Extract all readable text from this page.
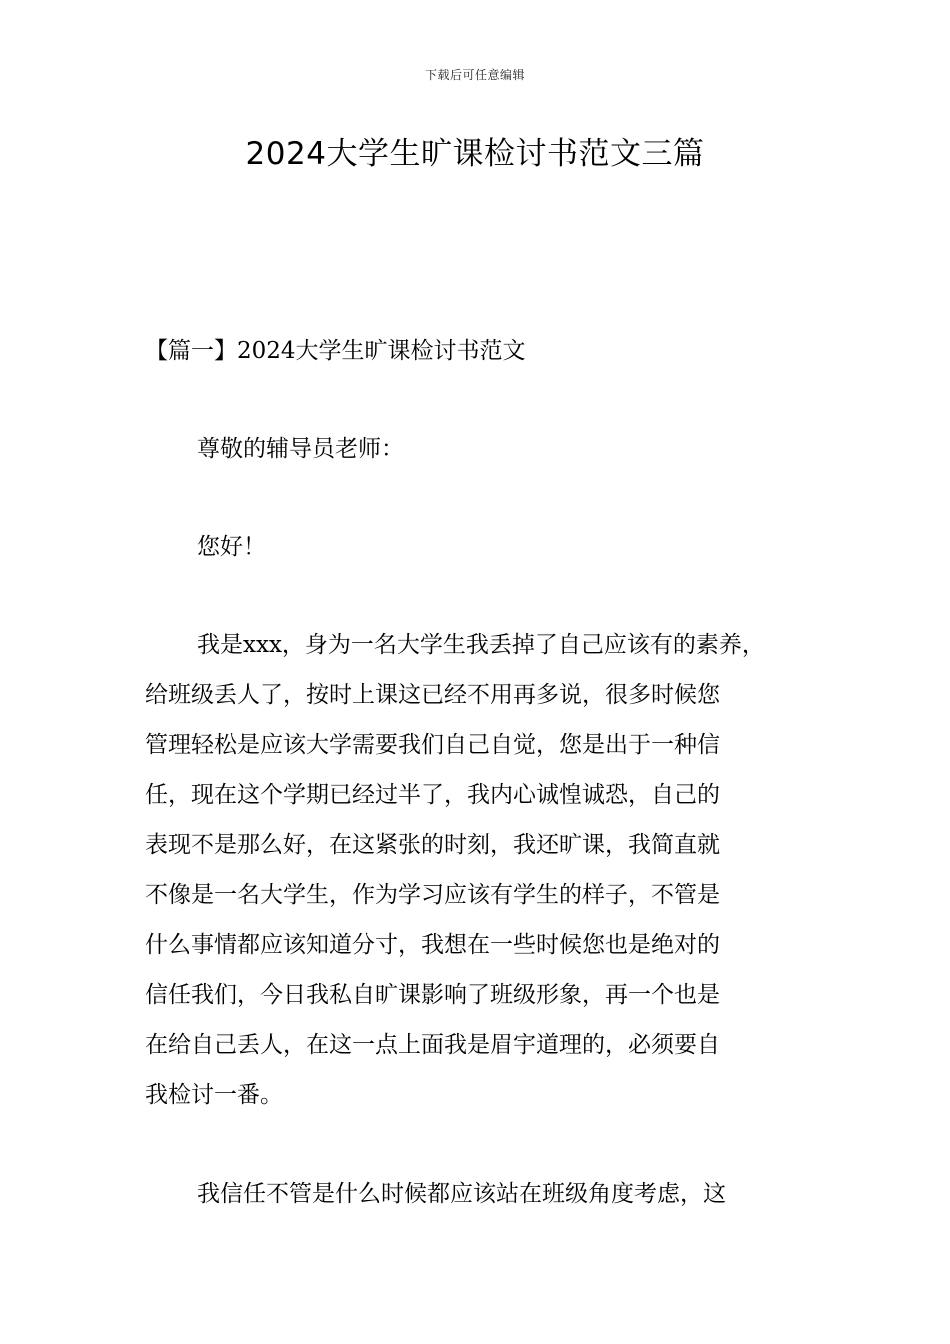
下载后可任意编辑
2024大学生旷课检讨书范文三篇
【篇一】2024大学生旷课检讨书范文

尊敬的辅导员老师：

您好！

我是xxx，身为一名大学生我丢掉了自己应该有的素养，
给班级丢人了，按时上课这已经不用再多说，很多时候您
管理轻松是应该大学需要我们自己自觉，您是出于一种信
任，现在这个学期已经过半了，我内心诚惶诚恐，自己的
表现不是那么好，在这紧张的时刻，我还旷课，我简直就
不像是一名大学生，作为学习应该有学生的样子，不管是
什么事情都应该知道分寸，我想在一些时候您也是绝对的
信任我们，今日我私自旷课影响了班级形象，再一个也是
在给自己丢人，在这一点上面我是眉宇道理的，必须要自
我检讨一番。

我信任不管是什么时候都应该站在班级角度考虑，这
